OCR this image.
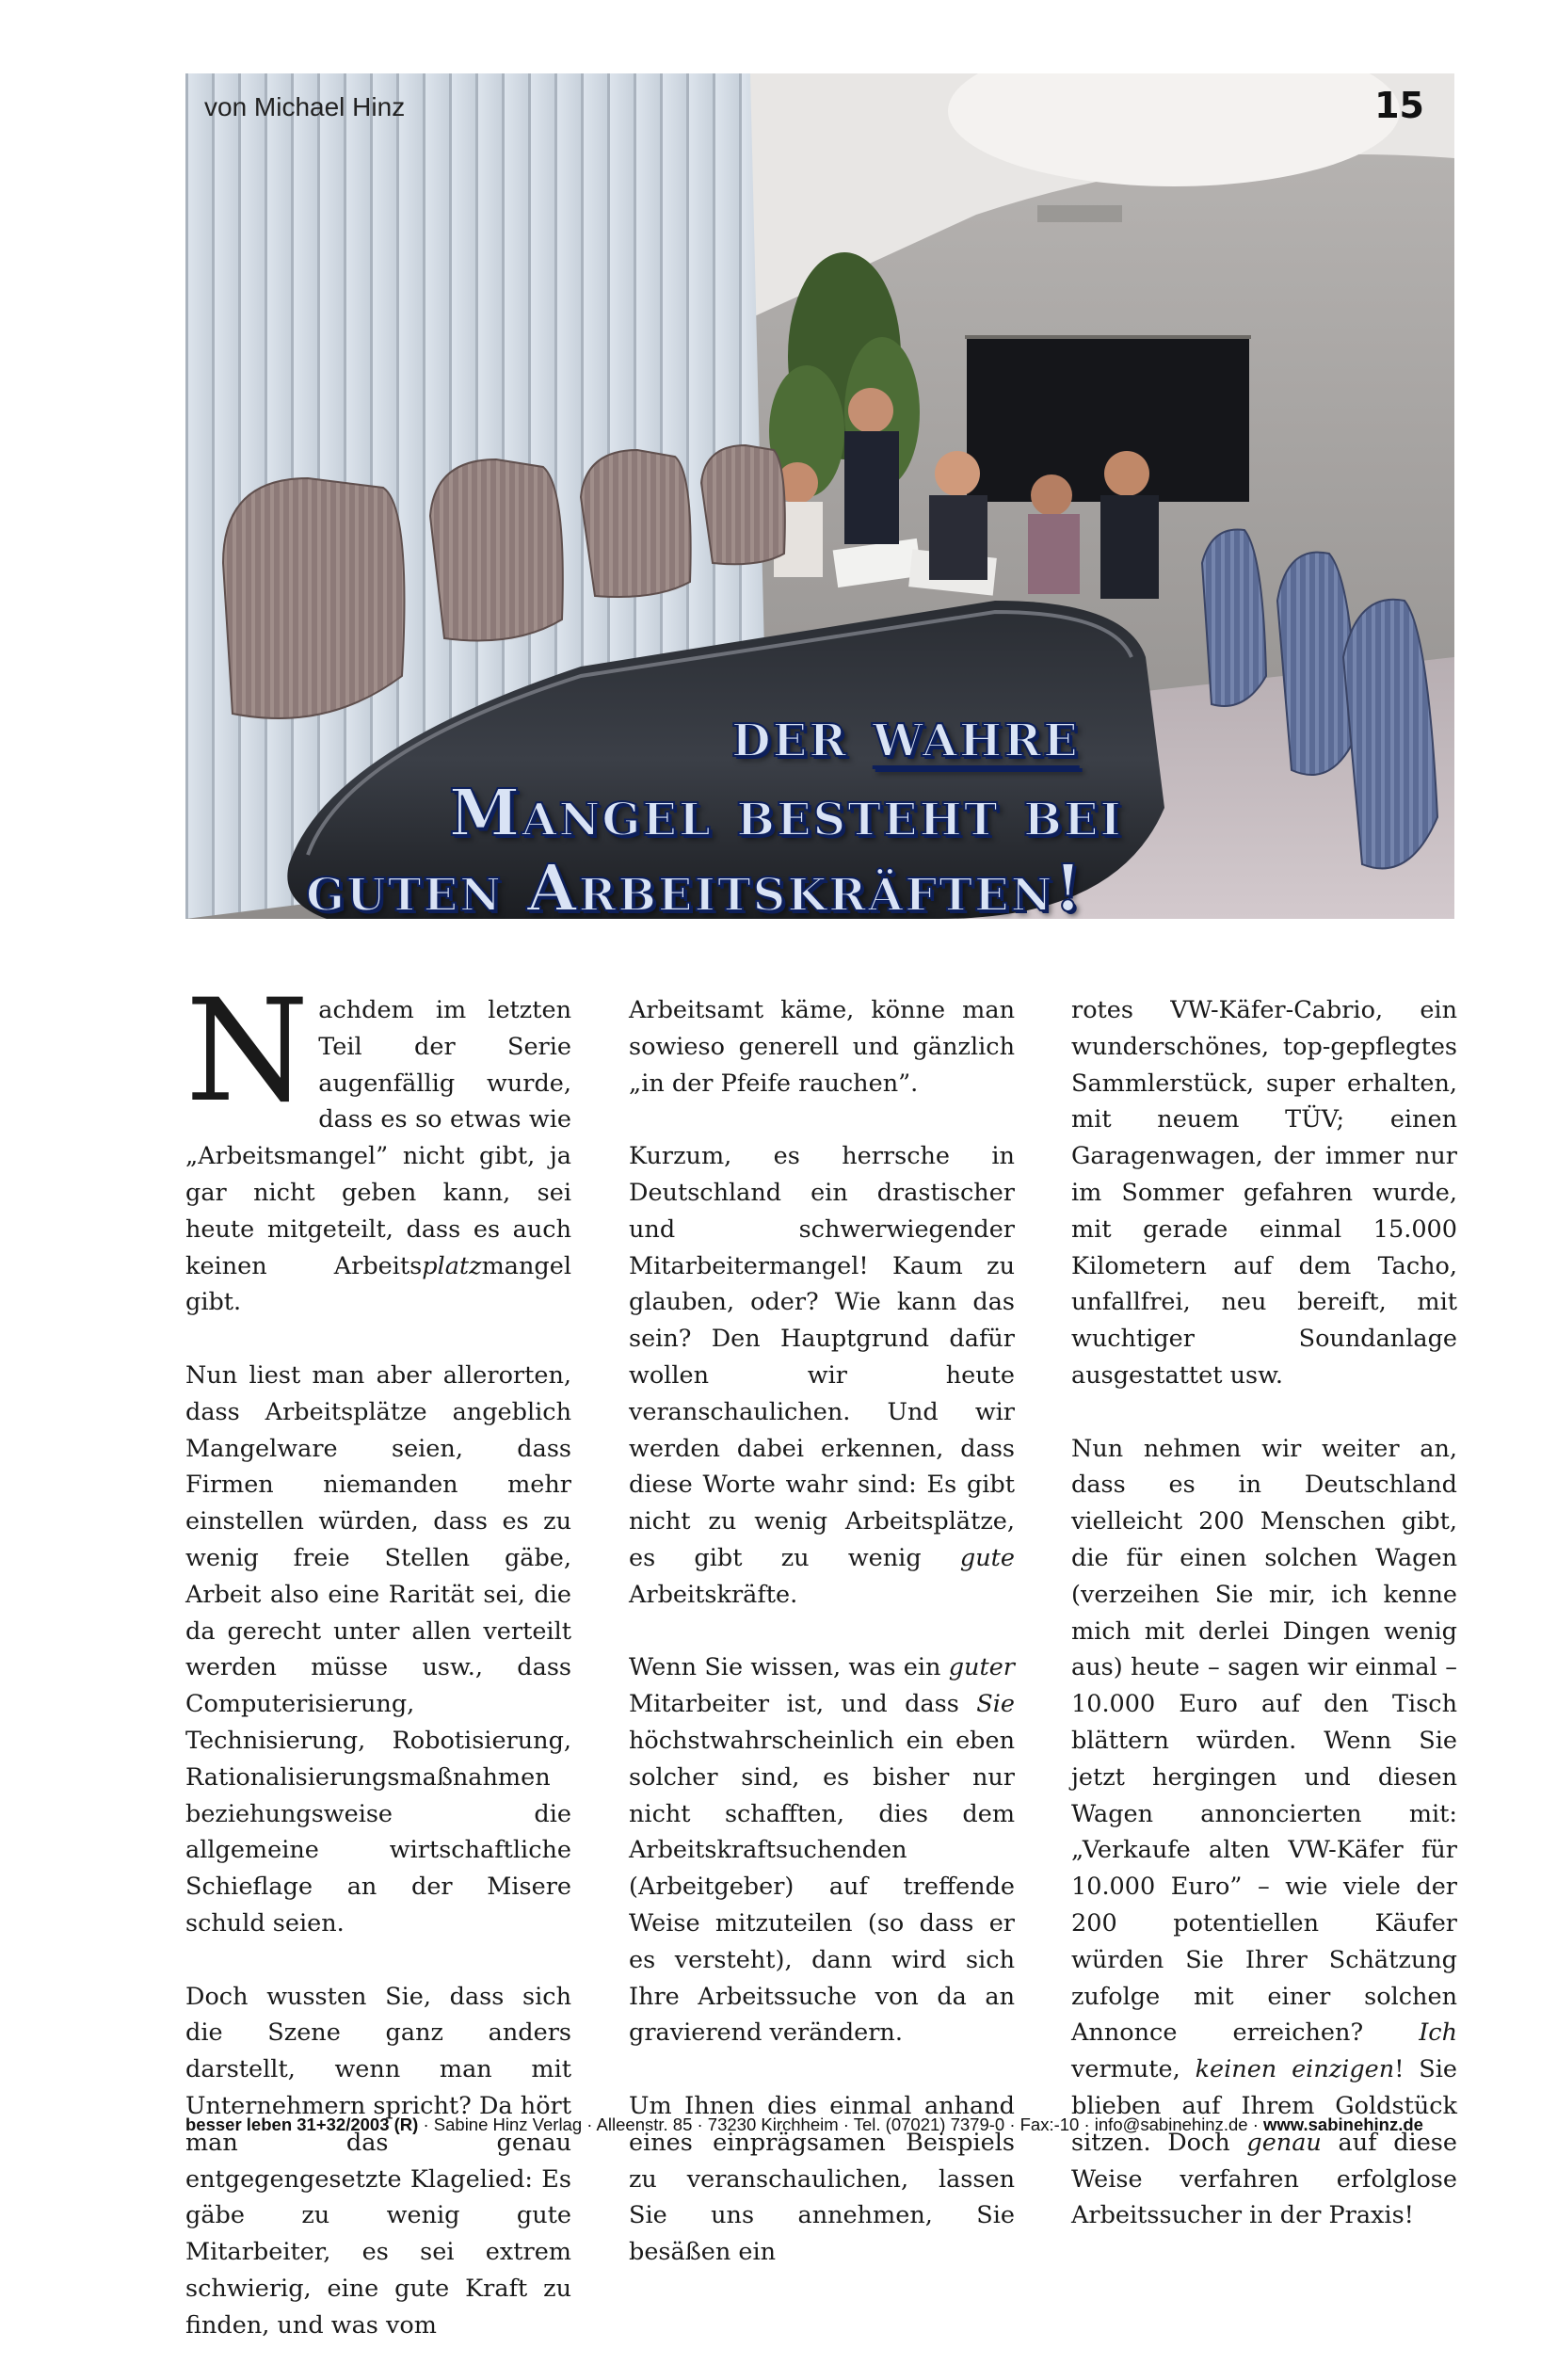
von Michael Hinz	15
der wahre
Mangel besteht bei
guten Arbeitskräften!

Nachdem im letzten Teil der Serie augenfällig wurde, dass es so etwas wie „Arbeitsmangel” nicht gibt, ja gar nicht geben kann, sei heute mitgeteilt, dass es auch keinen Arbeitsplatzmangel gibt.

Nun liest man aber allerorten, dass Arbeitsplätze angeblich Mangelware seien, dass Firmen niemanden mehr einstellen würden, dass es zu wenig freie Stellen gäbe, Arbeit also eine Rarität sei, die da gerecht unter allen verteilt werden müsse usw., dass Computerisierung, Technisierung, Robotisierung, Rationalisierungsmaßnahmen beziehungsweise die allgemeine wirtschaftliche Schieflage an der Misere schuld seien.

Doch wussten Sie, dass sich die Szene ganz anders darstellt, wenn man mit Unternehmern spricht? Da hört man das genau entgegengesetzte Klagelied: Es gäbe zu wenig gute Mitarbeiter, es sei extrem schwierig, eine gute Kraft zu finden, und was vom

Arbeitsamt käme, könne man sowieso generell und gänzlich „in der Pfeife rauchen”.

Kurzum, es herrsche in Deutschland ein drastischer und schwerwiegender Mitarbeitermangel! Kaum zu glauben, oder? Wie kann das sein? Den Hauptgrund dafür wollen wir heute veranschaulichen. Und wir werden dabei erkennen, dass diese Worte wahr sind: Es gibt nicht zu wenig Arbeitsplätze, es gibt zu wenig gute Arbeitskräfte.

Wenn Sie wissen, was ein guter Mitarbeiter ist, und dass Sie höchstwahrscheinlich ein eben solcher sind, es bisher nur nicht schafften, dies dem Arbeitskraftsuchenden (Arbeitgeber) auf treffende Weise mitzuteilen (so dass er es versteht), dann wird sich Ihre Arbeitssuche von da an gravierend verändern.

Um Ihnen dies einmal anhand eines einprägsamen Beispiels zu veranschaulichen, lassen Sie uns annehmen, Sie besäßen ein

rotes VW-Käfer-Cabrio, ein wunderschönes, top-gepflegtes Sammlerstück, super erhalten, mit neuem TÜV; einen Garagenwagen, der immer nur im Sommer gefahren wurde, mit gerade einmal 15.000 Kilometern auf dem Tacho, unfallfrei, neu bereift, mit wuchtiger Soundanlage ausgestattet usw.

Nun nehmen wir weiter an, dass es in Deutschland vielleicht 200 Menschen gibt, die für einen solchen Wagen (verzeihen Sie mir, ich kenne mich mit derlei Dingen wenig aus) heute – sagen wir einmal – 10.000 Euro auf den Tisch blättern würden. Wenn Sie jetzt hergingen und diesen Wagen annoncierten mit: „Verkaufe alten VW-Käfer für 10.000 Euro” – wie viele der 200 potentiellen Käufer würden Sie Ihrer Schätzung zufolge mit einer solchen Annonce erreichen? Ich vermute, keinen einzigen! Sie blieben auf Ihrem Goldstück sitzen. Doch genau auf diese Weise verfahren erfolglose Arbeitssucher in der Praxis!

besser leben 31+32/2003 (R) · Sabine Hinz Verlag · Alleenstr. 85 · 73230 Kirchheim · Tel. (07021) 7379-0 · Fax:-10 · info@sabinehinz.de · www.sabinehinz.de
